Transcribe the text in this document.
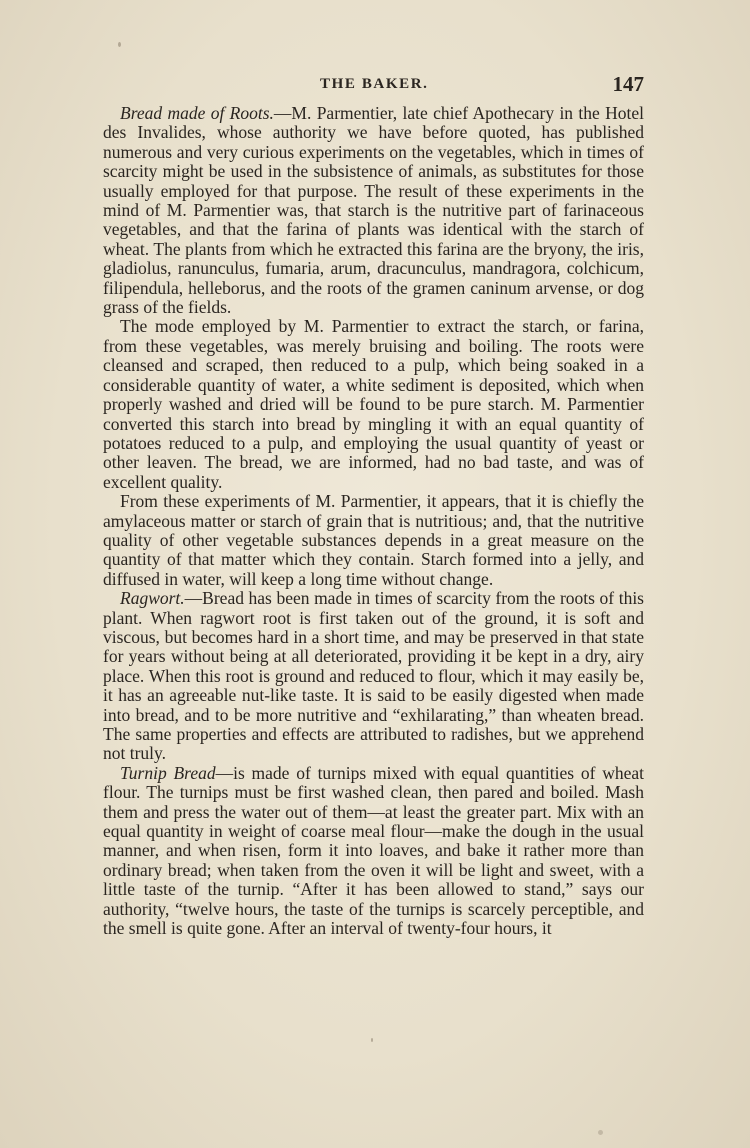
THE BAKER.	147

Bread made of Roots.—M. Parmentier, late chief Apothecary in the Hotel des Invalides, whose authority we have before quoted, has published numerous and very curious experiments on the vegetables, which in times of scarcity might be used in the subsistence of animals, as substitutes for those usually employed for that purpose. The result of these experiments in the mind of M. Parmentier was, that starch is the nutritive part of farinaceous vegetables, and that the farina of plants was identical with the starch of wheat. The plants from which he extracted this farina are the bryony, the iris, gladiolus, ranunculus, fumaria, arum, dracunculus, mandragora, colchicum, filipendula, helleborus, and the roots of the gramen caninum arvense, or dog grass of the fields.

The mode employed by M. Parmentier to extract the starch, or farina, from these vegetables, was merely bruising and boiling. The roots were cleansed and scraped, then reduced to a pulp, which being soaked in a considerable quantity of water, a white sediment is deposited, which when properly washed and dried will be found to be pure starch. M. Parmentier converted this starch into bread by mingling it with an equal quantity of potatoes reduced to a pulp, and employing the usual quantity of yeast or other leaven. The bread, we are informed, had no bad taste, and was of excellent quality.

From these experiments of M. Parmentier, it appears, that it is chiefly the amylaceous matter or starch of grain that is nutritious; and, that the nutritive quality of other vegetable substances depends in a great measure on the quantity of that matter which they contain. Starch formed into a jelly, and diffused in water, will keep a long time without change.

Ragwort.—Bread has been made in times of scarcity from the roots of this plant. When ragwort root is first taken out of the ground, it is soft and viscous, but becomes hard in a short time, and may be preserved in that state for years without being at all deteriorated, providing it be kept in a dry, airy place. When this root is ground and reduced to flour, which it may easily be, it has an agreeable nut-like taste. It is said to be easily digested when made into bread, and to be more nutritive and “exhilarating,” than wheaten bread. The same properties and effects are attributed to radishes, but we apprehend not truly.

Turnip Bread—is made of turnips mixed with equal quantities of wheat flour. The turnips must be first washed clean, then pared and boiled. Mash them and press the water out of them—at least the greater part. Mix with an equal quantity in weight of coarse meal flour—make the dough in the usual manner, and when risen, form it into loaves, and bake it rather more than ordinary bread; when taken from the oven it will be light and sweet, with a little taste of the turnip. “After it has been allowed to stand,” says our authority, “twelve hours, the taste of the turnips is scarcely perceptible, and the smell is quite gone. After an interval of twenty-four hours, it
